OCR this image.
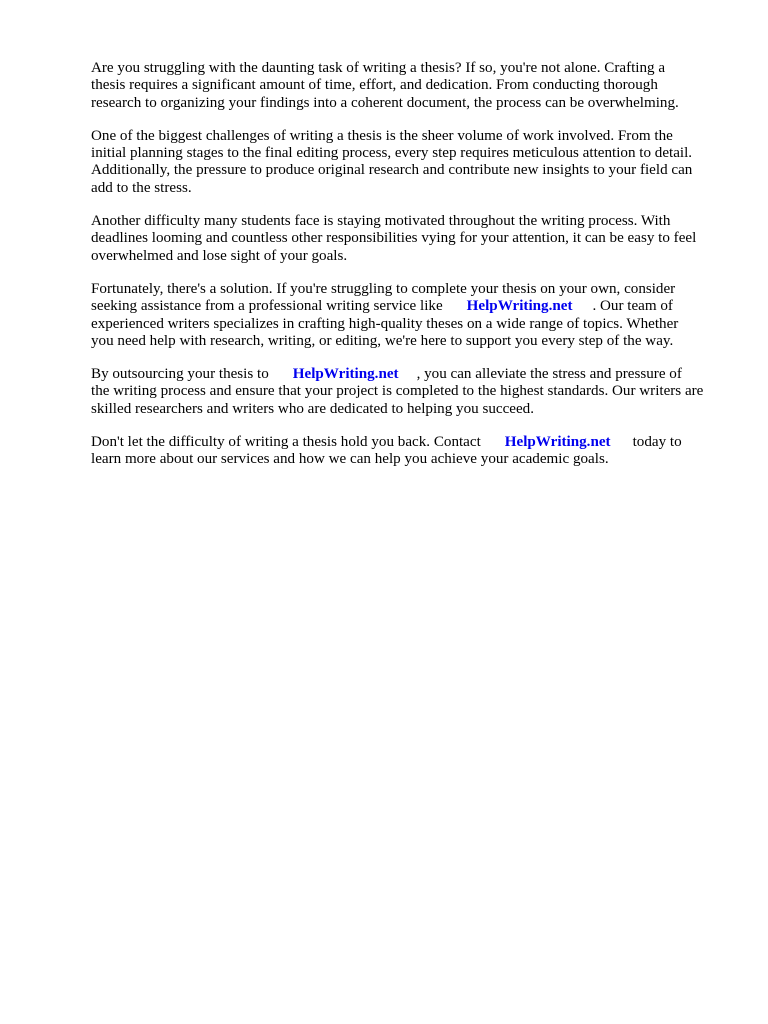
Are you struggling with the daunting task of writing a thesis? If so, you're not alone. Crafting a
thesis requires a significant amount of time, effort, and dedication. From conducting thorough
research to organizing your findings into a coherent document, the process can be overwhelming.

One of the biggest challenges of writing a thesis is the sheer volume of work involved. From the
initial planning stages to the final editing process, every step requires meticulous attention to detail.
Additionally, the pressure to produce original research and contribute new insights to your field can
add to the stress.

Another difficulty many students face is staying motivated throughout the writing process. With
deadlines looming and countless other responsibilities vying for your attention, it can be easy to feel
overwhelmed and lose sight of your goals.

Fortunately, there's a solution. If you're struggling to complete your thesis on your own, consider
seeking assistance from a professional writing service like HelpWriting.net . Our team of
experienced writers specializes in crafting high-quality theses on a wide range of topics. Whether
you need help with research, writing, or editing, we're here to support you every step of the way.

By outsourcing your thesis to HelpWriting.net , you can alleviate the stress and pressure of
the writing process and ensure that your project is completed to the highest standards. Our writers are
skilled researchers and writers who are dedicated to helping you succeed.

Don't let the difficulty of writing a thesis hold you back. Contact HelpWriting.net today to
learn more about our services and how we can help you achieve your academic goals.
